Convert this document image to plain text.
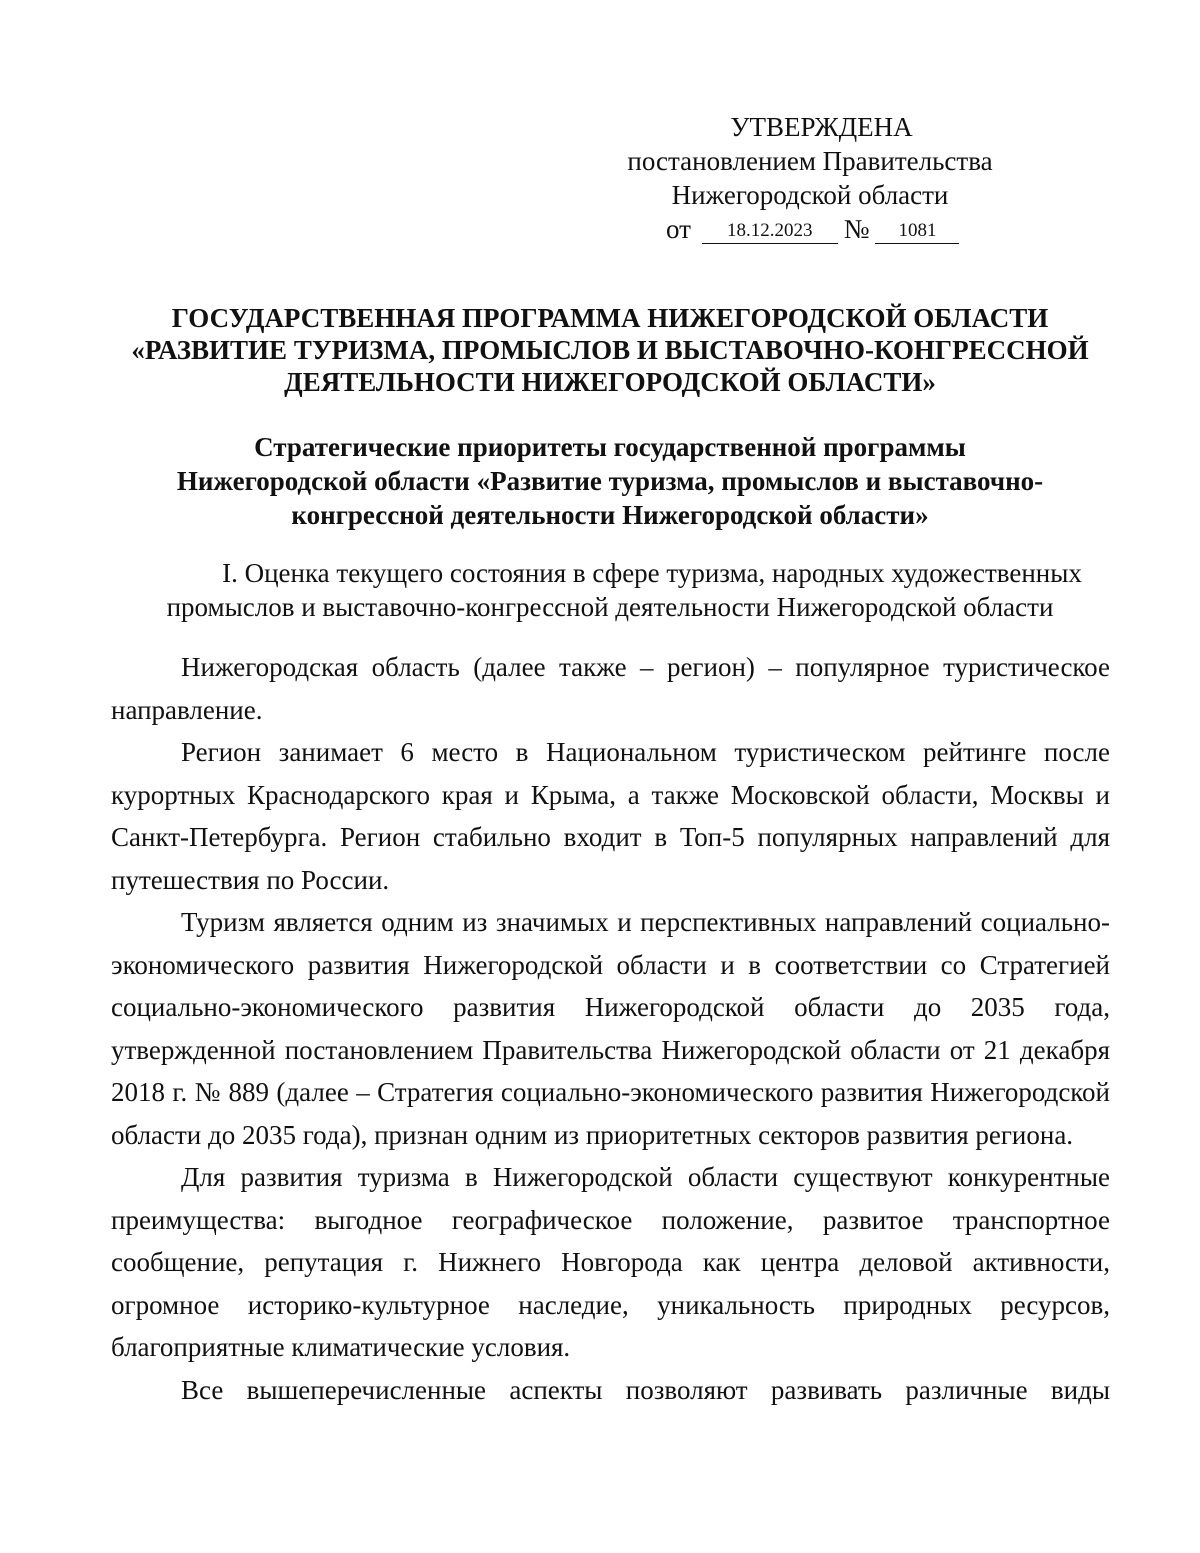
УТВЕРЖДЕНА
постановлением Правительства
Нижегородской области
от 18.12.2023 № 1081
ГОСУДАРСТВЕННАЯ ПРОГРАММА НИЖЕГОРОДСКОЙ ОБЛАСТИ
«РАЗВИТИЕ ТУРИЗМА, ПРОМЫСЛОВ И ВЫСТАВОЧНО-КОНГРЕССНОЙ
ДЕЯТЕЛЬНОСТИ НИЖЕГОРОДСКОЙ ОБЛАСТИ»
Стратегические приоритеты государственной программы
Нижегородской области «Развитие туризма, промыслов и выставочно-
конгрессной деятельности Нижегородской области»
I. Оценка текущего состояния в сфере туризма, народных художественных
промыслов и выставочно-конгрессной деятельности Нижегородской области

Нижегородская область (далее также – регион) – популярное туристическое направление.

Регион занимает 6 место в Национальном туристическом рейтинге после курортных Краснодарского края и Крыма, а также Московской области, Москвы и Санкт-Петербурга. Регион стабильно входит в Топ-5 популярных направлений для путешествия по России.

Туризм является одним из значимых и перспективных направлений социально-экономического развития Нижегородской области и в соответствии со Стратегией социально-экономического развития Нижегородской области до 2035 года, утвержденной постановлением Правительства Нижегородской области от 21 декабря 2018 г. № 889 (далее – Стратегия социально-экономического развития Нижегородской области до 2035 года), признан одним из приоритетных секторов развития региона.

Для развития туризма в Нижегородской области существуют конкурентные преимущества: выгодное географическое положение, развитое транспортное сообщение, репутация г. Нижнего Новгорода как центра деловой активности, огромное историко-культурное наследие, уникальность природных ресурсов, благоприятные климатические условия.

Все вышеперечисленные аспекты позволяют развивать различные виды
